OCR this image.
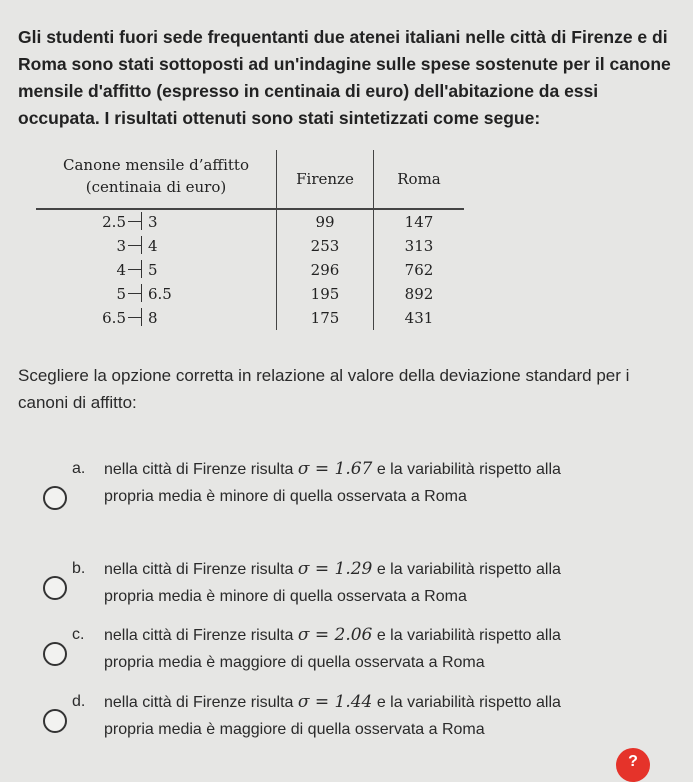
Gli studenti fuori sede frequentanti due atenei italiani nelle città di Firenze e di Roma sono stati sottoposti ad un'indagine sulle spese sostenute per il canone mensile d'affitto (espresso in centinaia di euro) dell'abitazione da essi occupata. I risultati ottenuti sono stati sintetizzati come segue:
Canone mensile d’affitto
(centinaia di euro)	Firenze	Roma
2.5 3	99	147
3 4	253	313
4 5	296	762
5 6.5	195	892
6.5 8	175	431
Scegliere la opzione corretta in relazione al valore della deviazione standard per i canoni di affitto:
a. nella città di Firenze risulta σ = 1.67 e la variabilità rispetto alla
propria media è minore di quella osservata a Roma
b. nella città di Firenze risulta σ = 1.29 e la variabilità rispetto alla
propria media è minore di quella osservata a Roma
c. nella città di Firenze risulta σ = 2.06 e la variabilità rispetto alla
propria media è maggiore di quella osservata a Roma
d. nella città di Firenze risulta σ = 1.44 e la variabilità rispetto alla
propria media è maggiore di quella osservata a Roma
?
